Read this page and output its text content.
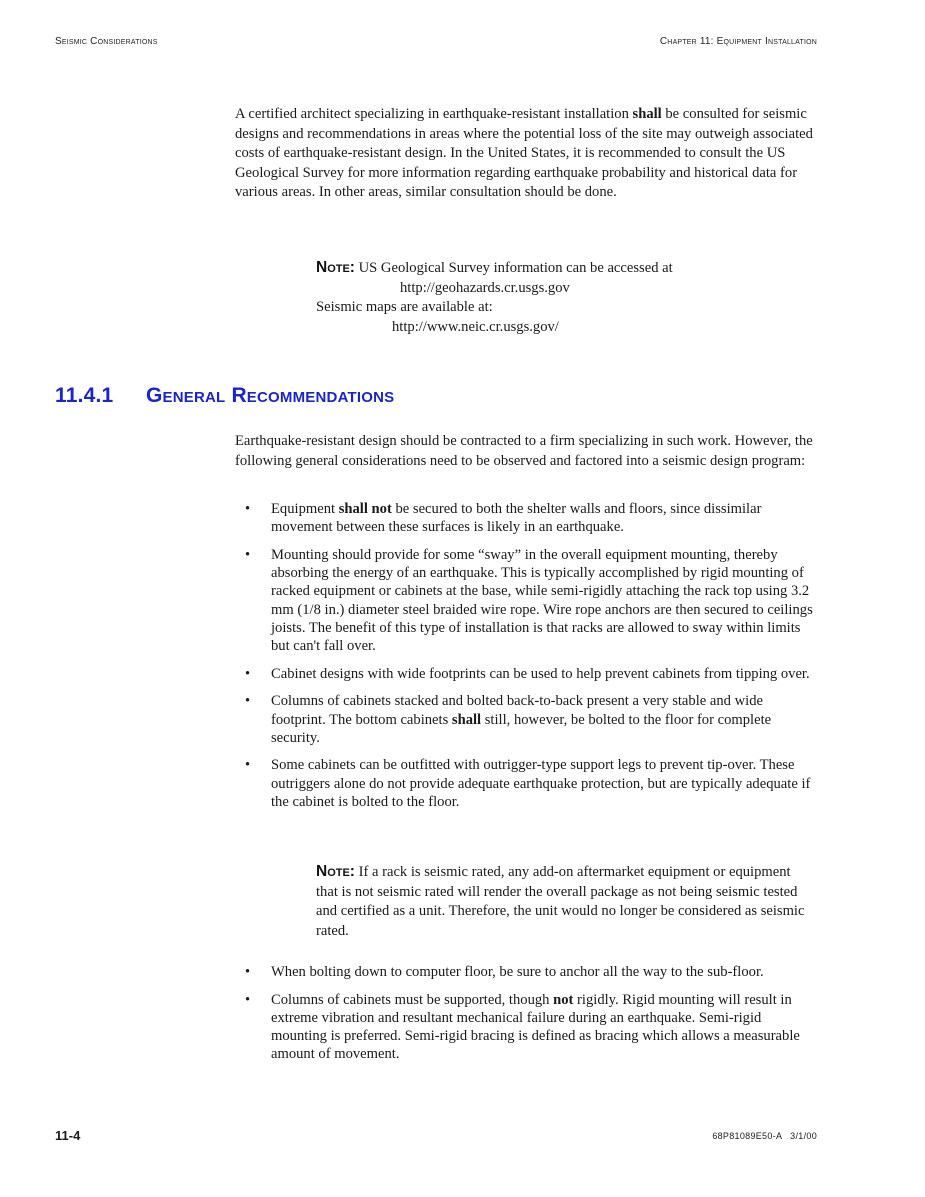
Seismic Considerations	Chapter 11: Equipment Installation

A certified architect specializing in earthquake-resistant installation shall be consulted for seismic designs and recommendations in areas where the potential loss of the site may outweigh associated costs of earthquake-resistant design. In the United States, it is recommended to consult the US Geological Survey for more information regarding earthquake probability and historical data for various areas. In other areas, similar consultation should be done.

Note: US Geological Survey information can be accessed at
http://geohazards.cr.usgs.gov
Seismic maps are available at:
http://www.neic.cr.usgs.gov/
11.4.1 General Recommendations

Earthquake-resistant design should be contracted to a firm specializing in such work. However, the following general considerations need to be observed and factored into a seismic design program:

• Equipment shall not be secured to both the shelter walls and floors, since dissimilar movement between these surfaces is likely in an earthquake.
• Mounting should provide for some “sway” in the overall equipment mounting, thereby absorbing the energy of an earthquake. This is typically accomplished by rigid mounting of racked equipment or cabinets at the base, while semi-rigidly attaching the rack top using 3.2 mm (1/8 in.) diameter steel braided wire rope. Wire rope anchors are then secured to ceilings joists. The benefit of this type of installation is that racks are allowed to sway within limits but can't fall over.
• Cabinet designs with wide footprints can be used to help prevent cabinets from tipping over.
• Columns of cabinets stacked and bolted back-to-back present a very stable and wide footprint. The bottom cabinets shall still, however, be bolted to the floor for complete security.
• Some cabinets can be outfitted with outrigger-type support legs to prevent tip-over. These outriggers alone do not provide adequate earthquake protection, but are typically adequate if the cabinet is bolted to the floor.
Note: If a rack is seismic rated, any add-on aftermarket equipment or equipment that is not seismic rated will render the overall package as not being seismic tested and certified as a unit. Therefore, the unit would no longer be considered as seismic rated.
• When bolting down to computer floor, be sure to anchor all the way to the sub-floor.
• Columns of cabinets must be supported, though not rigidly. Rigid mounting will result in extreme vibration and resultant mechanical failure during an earthquake. Semi-rigid mounting is preferred. Semi-rigid bracing is defined as bracing which allows a measurable amount of movement.
11-4	68P81089E50-A   3/1/00
